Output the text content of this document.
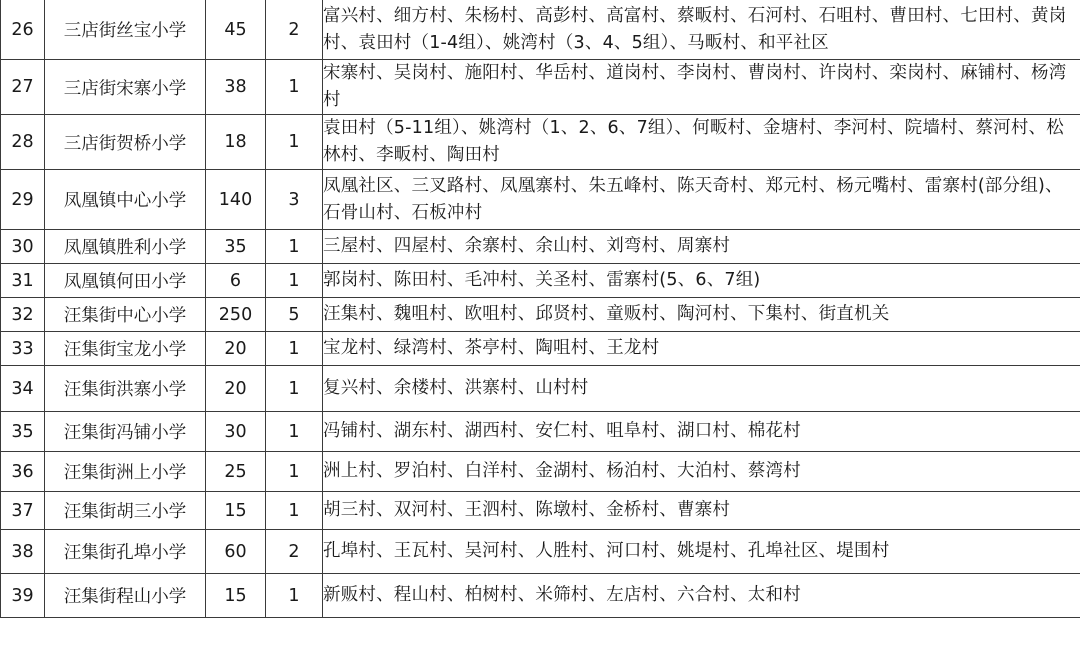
26	三店街丝宝小学	45	2	富兴村、细方村、朱杨村、高彭村、高富村、蔡畈村、石河村、石咀村、曹田村、七田村、黄岗村、袁田村（1-4组）、姚湾村（3、4、5组）、马畈村、和平社区
27	三店街宋寨小学	38	1	宋寨村、吴岗村、施阳村、华岳村、道岗村、李岗村、曹岗村、许岗村、栾岗村、麻铺村、杨湾村
28	三店街贺桥小学	18	1	袁田村（5-11组）、姚湾村（1、2、6、7组）、何畈村、金塘村、李河村、院墙村、蔡河村、松林村、李畈村、陶田村
29	凤凰镇中心小学	140	3	凤凰社区、三叉路村、凤凰寨村、朱五峰村、陈天奇村、郑元村、杨元嘴村、雷寨村(部分组)、石骨山村、石板冲村
30	凤凰镇胜利小学	35	1	三屋村、四屋村、余寨村、余山村、刘弯村、周寨村
31	凤凰镇何田小学	6	1	郭岗村、陈田村、毛冲村、关圣村、雷寨村(5、6、7组)
32	汪集街中心小学	250	5	汪集村、魏咀村、欧咀村、邱贤村、童贩村、陶河村、下集村、街直机关
33	汪集街宝龙小学	20	1	宝龙村、绿湾村、茶亭村、陶咀村、王龙村
34	汪集街洪寨小学	20	1	复兴村、余楼村、洪寨村、山村村
35	汪集街冯铺小学	30	1	冯铺村、湖东村、湖西村、安仁村、咀阜村、湖口村、棉花村
36	汪集街洲上小学	25	1	洲上村、罗泊村、白洋村、金湖村、杨泊村、大泊村、蔡湾村
37	汪集街胡三小学	15	1	胡三村、双河村、王泗村、陈墩村、金桥村、曹寨村
38	汪集街孔埠小学	60	2	孔埠村、王瓦村、吴河村、人胜村、河口村、姚堤村、孔埠社区、堤围村
39	汪集街程山小学	15	1	新贩村、程山村、柏树村、米筛村、左店村、六合村、太和村
